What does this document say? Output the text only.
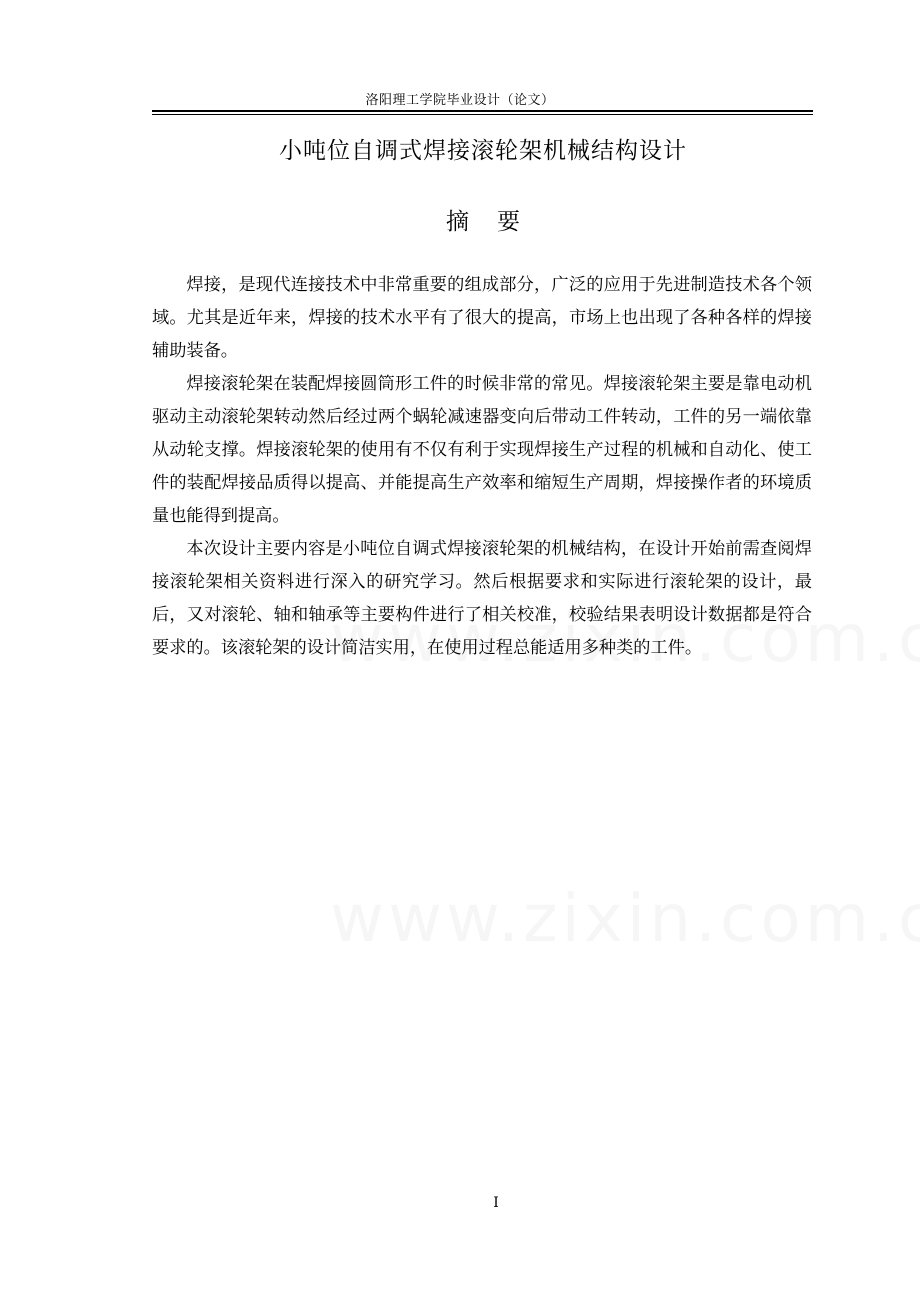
洛阳理工学院毕业设计（论文）
小吨位自调式焊接滚轮架机械结构设计
摘 要

焊接，是现代连接技术中非常重要的组成部分，广泛的应用于先进制造技术各个领域。尤其是近年来，焊接的技术水平有了很大的提高，市场上也出现了各种各样的焊接辅助装备。

焊接滚轮架在装配焊接圆筒形工件的时候非常的常见。焊接滚轮架主要是靠电动机驱动主动滚轮架转动然后经过两个蜗轮减速器变向后带动工件转动，工件的另一端依靠从动轮支撑。焊接滚轮架的使用有不仅有利于实现焊接生产过程的机械和自动化、使工件的装配焊接品质得以提高、并能提高生产效率和缩短生产周期，焊接操作者的环境质量也能得到提高。

本次设计主要内容是小吨位自调式焊接滚轮架的机械结构，在设计开始前需查阅焊接滚轮架相关资料进行深入的研究学习。然后根据要求和实际进行滚轮架的设计，最后，又对滚轮、轴和轴承等主要构件进行了相关校准，校验结果表明设计数据都是符合要求的。该滚轮架的设计简洁实用，在使用过程总能适用多种类的工件。

I
